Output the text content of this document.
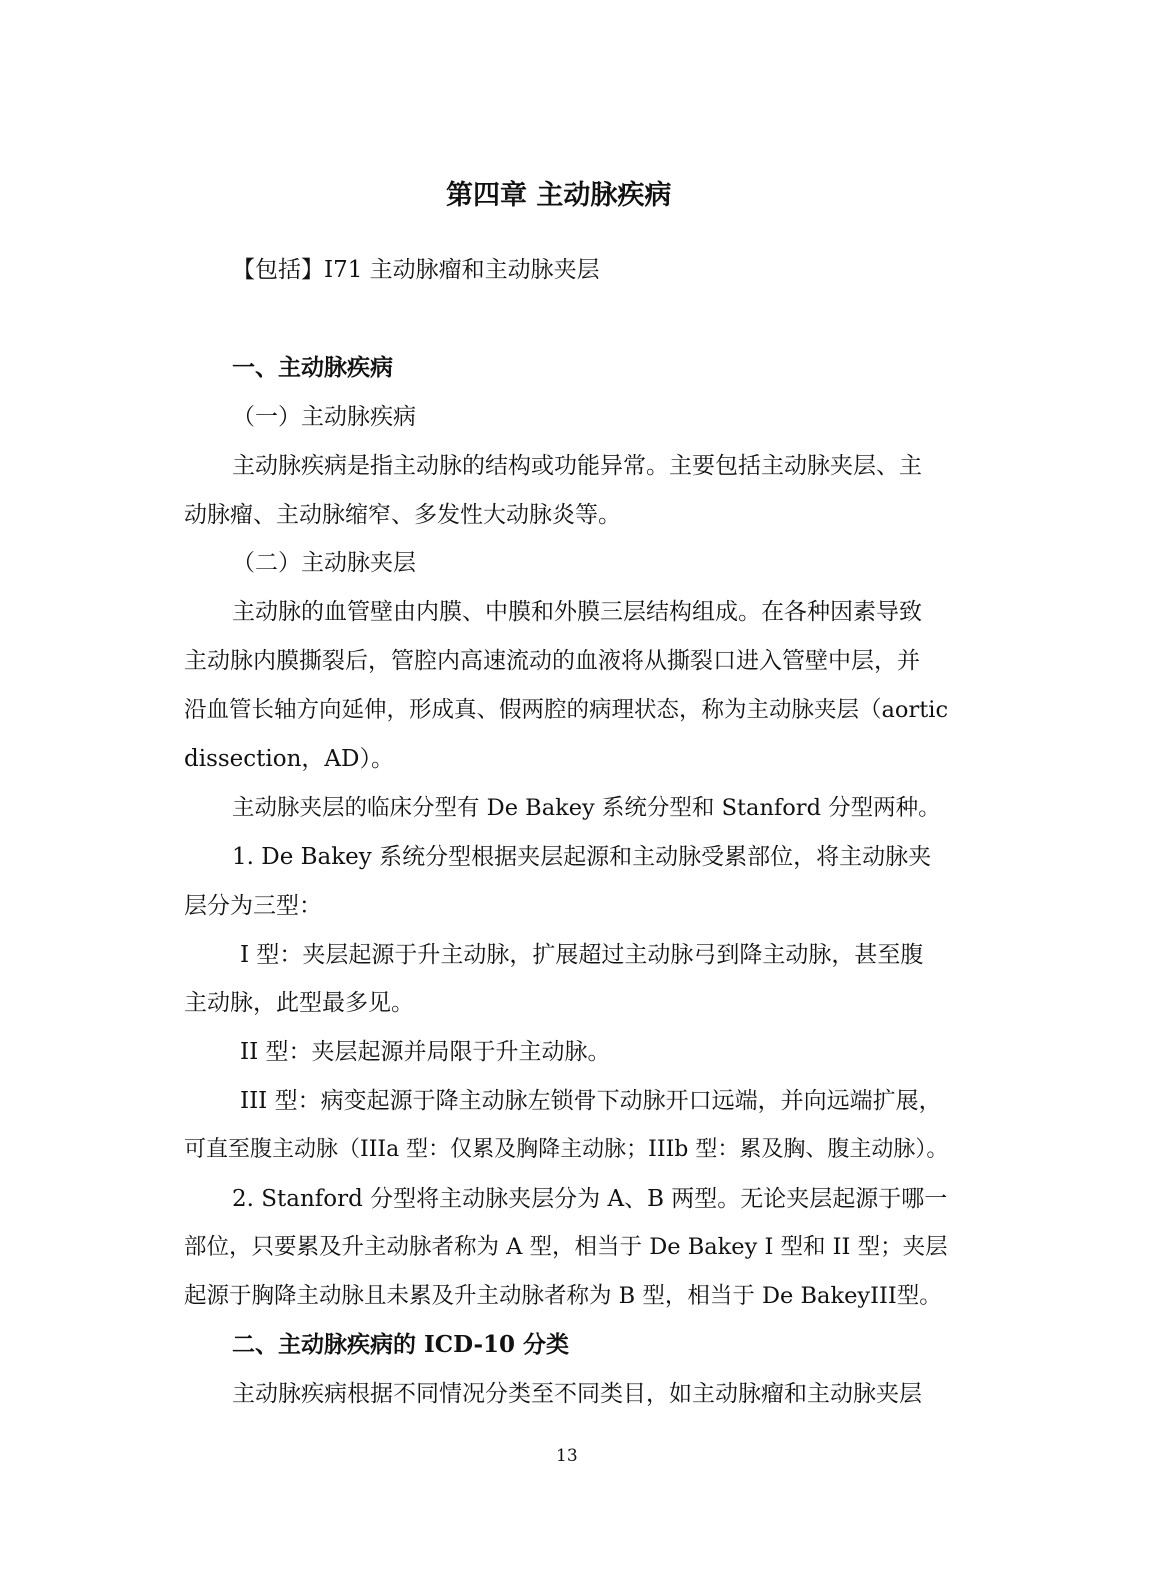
第四章 主动脉疾病
【包括】I71 主动脉瘤和主动脉夹层
一、主动脉疾病
（一）主动脉疾病
主动脉疾病是指主动脉的结构或功能异常。主要包括主动脉夹层、主
动脉瘤、主动脉缩窄、多发性大动脉炎等。
（二）主动脉夹层
主动脉的血管壁由内膜、中膜和外膜三层结构组成。在各种因素导致
主动脉内膜撕裂后，管腔内高速流动的血液将从撕裂口进入管壁中层，并
沿血管长轴方向延伸，形成真、假两腔的病理状态，称为主动脉夹层（aortic
dissection，AD）。
主动脉夹层的临床分型有 De Bakey 系统分型和 Stanford 分型两种。
1. De Bakey 系统分型根据夹层起源和主动脉受累部位，将主动脉夹
层分为三型：
I 型：夹层起源于升主动脉，扩展超过主动脉弓到降主动脉，甚至腹
主动脉，此型最多见。
II 型：夹层起源并局限于升主动脉。
III 型：病变起源于降主动脉左锁骨下动脉开口远端，并向远端扩展，
可直至腹主动脉（IIIa 型：仅累及胸降主动脉；IIIb 型：累及胸、腹主动脉）。
2. Stanford 分型将主动脉夹层分为 A、B 两型。无论夹层起源于哪一
部位，只要累及升主动脉者称为 A 型，相当于 De Bakey I 型和 II 型；夹层
起源于胸降主动脉且未累及升主动脉者称为 B 型，相当于 De BakeyIII型。
二、主动脉疾病的 ICD-10 分类
主动脉疾病根据不同情况分类至不同类目，如主动脉瘤和主动脉夹层
13
